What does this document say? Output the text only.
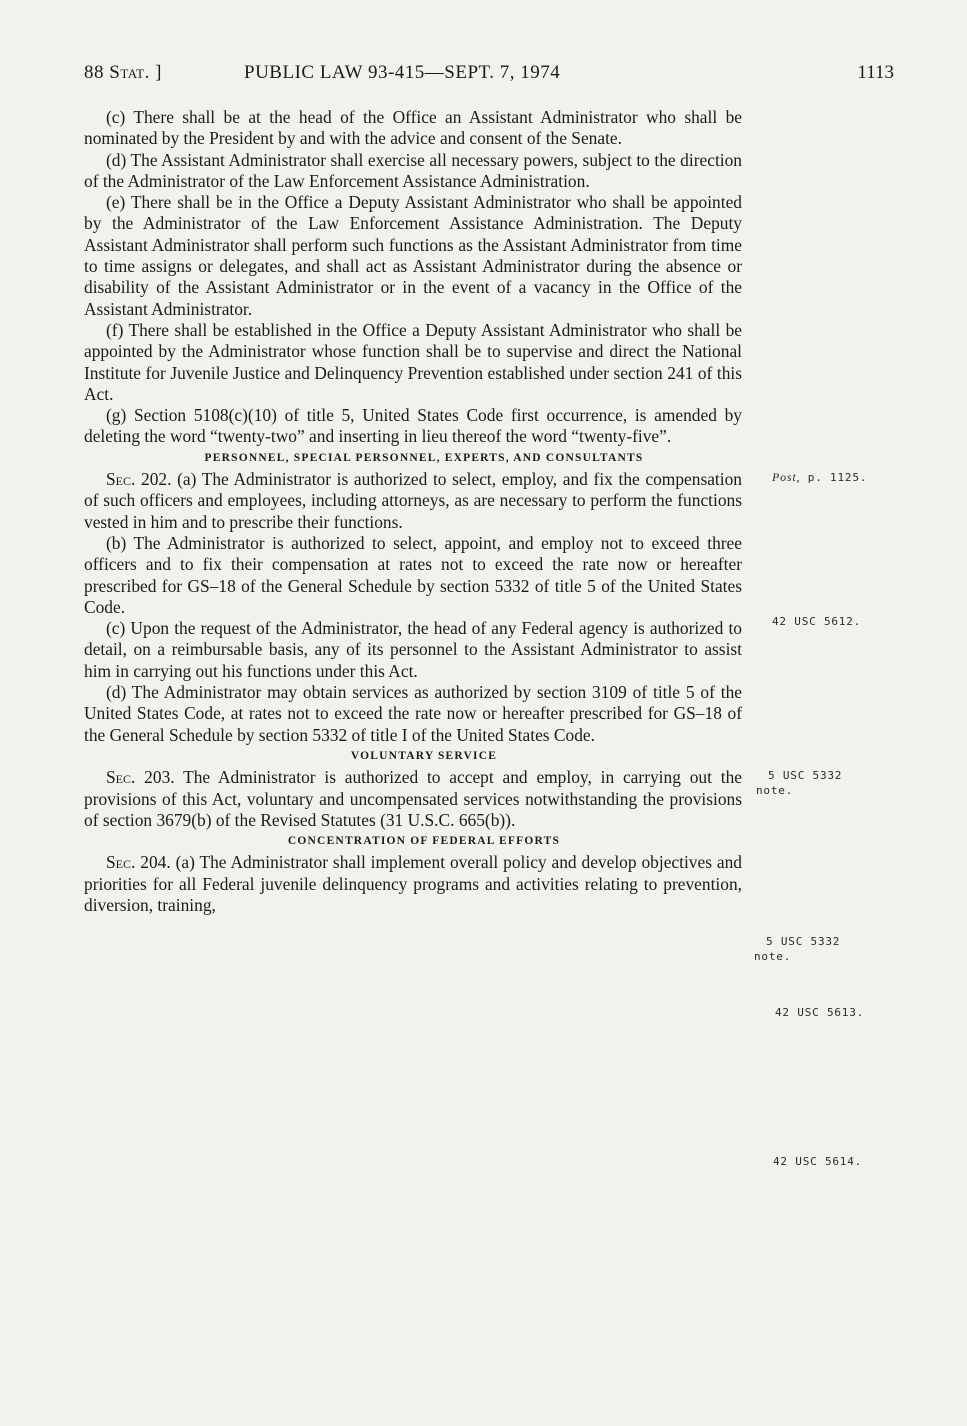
88 Stat. ]	PUBLIC LAW 93-415—SEPT. 7, 1974	1113

(c) There shall be at the head of the Office an Assistant Administrator who shall be nominated by the President by and with the advice and consent of the Senate.

(d) The Assistant Administrator shall exercise all necessary powers, subject to the direction of the Administrator of the Law Enforcement Assistance Administration.

(e) There shall be in the Office a Deputy Assistant Administrator who shall be appointed by the Administrator of the Law Enforcement Assistance Administration. The Deputy Assistant Administrator shall perform such functions as the Assistant Administrator from time to time assigns or delegates, and shall act as Assistant Administrator during the absence or disability of the Assistant Administrator or in the event of a vacancy in the Office of the Assistant Administrator.

(f) There shall be established in the Office a Deputy Assistant Administrator who shall be appointed by the Administrator whose function shall be to supervise and direct the National Institute for Juvenile Justice and Delinquency Prevention established under section 241 of this Act.

(g) Section 5108(c)(10) of title 5, United States Code first occurrence, is amended by deleting the word “twenty-two” and inserting in lieu thereof the word “twenty-five”.

PERSONNEL, SPECIAL PERSONNEL, EXPERTS, AND CONSULTANTS

Sec. 202. (a) The Administrator is authorized to select, employ, and fix the compensation of such officers and employees, including attorneys, as are necessary to perform the functions vested in him and to prescribe their functions.

(b) The Administrator is authorized to select, appoint, and employ not to exceed three officers and to fix their compensation at rates not to exceed the rate now or hereafter prescribed for GS–18 of the General Schedule by section 5332 of title 5 of the United States Code.

(c) Upon the request of the Administrator, the head of any Federal agency is authorized to detail, on a reimbursable basis, any of its personnel to the Assistant Administrator to assist him in carrying out his functions under this Act.

(d) The Administrator may obtain services as authorized by section 3109 of title 5 of the United States Code, at rates not to exceed the rate now or hereafter prescribed for GS–18 of the General Schedule by section 5332 of title I of the United States Code.

VOLUNTARY SERVICE

Sec. 203. The Administrator is authorized to accept and employ, in carrying out the provisions of this Act, voluntary and uncompensated services notwithstanding the provisions of section 3679(b) of the Revised Statutes (31 U.S.C. 665(b)).

CONCENTRATION OF FEDERAL EFFORTS

Sec. 204. (a) The Administrator shall implement overall policy and develop objectives and priorities for all Federal juvenile delinquency programs and activities relating to prevention, diversion, training,

Post, p. 1125.
42 USC 5612.
5 USC 5332
note.
5 USC 5332
note.
42 USC 5613.
42 USC 5614.
